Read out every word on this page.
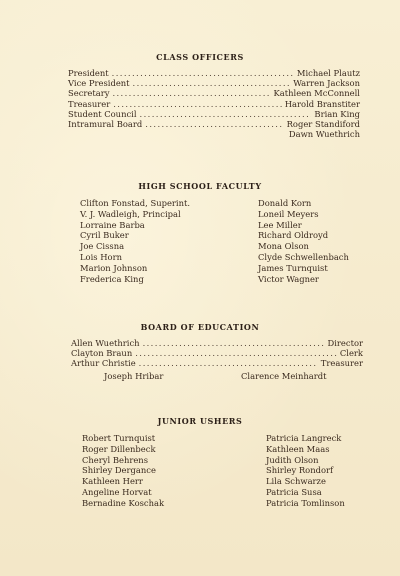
CLASS OFFICERS
President .....	Michael Plautz
Vice President .....	Warren Jackson
Secretary .....	Kathleen McConnell
Treasurer .....	Harold Branstiter
Student Council .....	Brian King
Intramural Board .....	Roger Standiford
Dawn Wuethrich
HIGH SCHOOL FACULTY
Clifton Fonstad, Superint.
V. J. Wadleigh, Principal
Lorraine Barba
Cyril Buker
Joe Cissna
Lois Horn
Marion Johnson
Frederica King
Donald Korn
Loneil Meyers
Lee Miller
Richard Oldroyd
Mona Olson
Clyde Schwellenbach
James Turnquist
Victor Wagner
BOARD OF EDUCATION
Allen Wuethrich .....	Director
Clayton Braun .....	Clerk
Arthur Christie .....	Treasurer
Joseph Hribar	Clarence Meinhardt
JUNIOR USHERS
Robert Turnquist
Roger Dillenbeck
Cheryl Behrens
Shirley Dergance
Kathleen Herr
Angeline Horvat
Bernadine Koschak
Patricia Langreck
Kathleen Maas
Judith Olson
Shirley Rondorf
Lila Schwarze
Patricia Susa
Patricia Tomlinson
